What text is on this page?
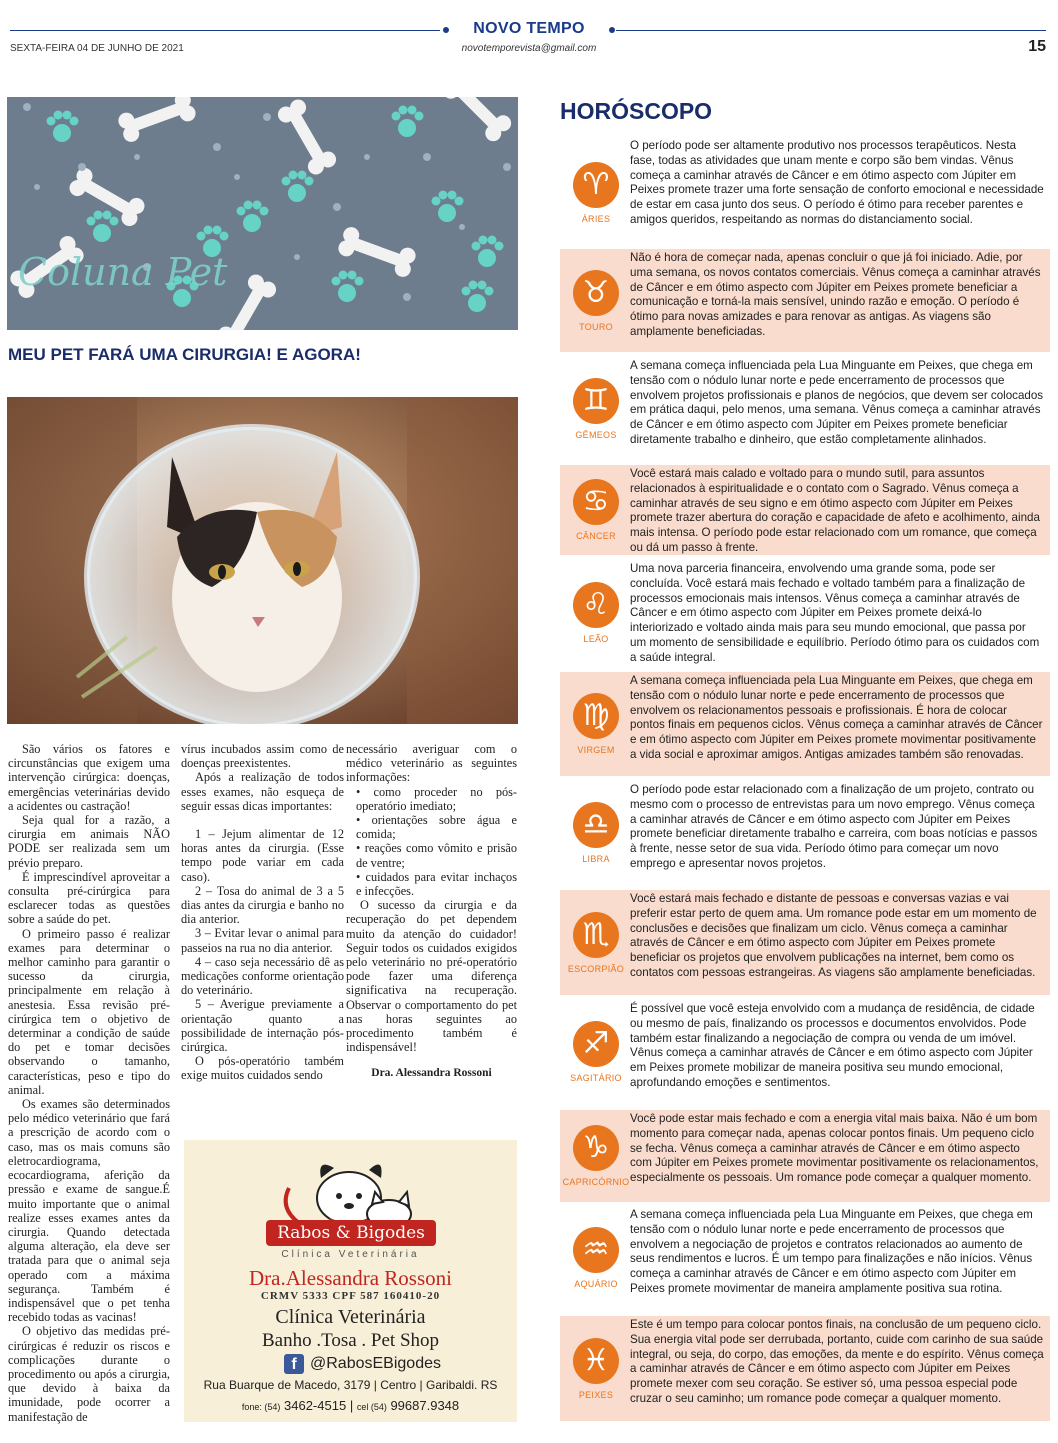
NOVO TEMPO
SEXTA-FEIRA 04 DE JUNHO DE 2021	novotemporevista@gmail.com	15
Coluna Pet
MEU PET FARÁ UMA CIRURGIA! E AGORA!

São vários os fatores e circunstâncias que exigem uma intervenção cirúrgica: doenças, emergências veterinárias devido a acidentes ou castração!

Seja qual for a razão, a cirurgia em animais NÃO PODE ser realizada sem um prévio preparo.

É imprescindível aproveitar a consulta pré-cirúrgica para esclarecer todas as questões sobre a saúde do pet.

O primeiro passo é realizar exames para determinar o melhor caminho para garantir o sucesso da cirurgia, principalmente em relação à anestesia. Essa revisão pré-cirúrgica tem o objetivo de determinar a condição de saúde do pet e tomar decisões observando o tamanho, características, peso e tipo do animal.

Os exames são determinados pelo médico veterinário que fará a prescrição de acordo com o caso, mas os mais comuns são eletrocardiograma, ecocardiograma, aferição da pressão e exame de sangue.É muito importante que o animal realize esses exames antes da cirurgia. Quando detectada alguma alteração, ela deve ser tratada para que o animal seja operado com a máxima segurança. Também é indispensável que o pet tenha recebido todas as vacinas!

O objetivo das medidas pré-cirúrgicas é reduzir os riscos e complicações durante o procedimento ou após a cirurgia, que devido à baixa da imunidade, pode ocorrer a manifestação de

vírus incubados assim como de doenças preexistentes.

Após a realização de todos esses exames, não esqueça de seguir essas dicas importantes:

1 – Jejum alimentar de 12 horas antes da cirurgia. (Esse tempo pode variar em cada caso).

2 – Tosa do animal de 3 a 5 dias antes da cirurgia e banho no dia anterior.

3 – Evitar levar o animal para passeios na rua no dia anterior.

4 – caso seja necessário dê as medicações conforme orientação do veterinário.

5 – Averigue previamente a orientação quanto a possibilidade de internação pós-cirúrgica.

O pós-operatório também exige muitos cuidados sendo

necessário averiguar com o médico veterinário as seguintes informações:

• como proceder no pós-operatório imediato;

• orientações sobre água e comida;

• reações como vômito e prisão de ventre;

• cuidados para evitar inchaços e infecções.

O sucesso da cirurgia e da recuperação do pet dependem muito da atenção do cuidador! Seguir todos os cuidados exigidos pelo veterinário no pré-operatório pode fazer uma diferença significativa na recuperação. Observar o comportamento do pet nas horas seguintes ao procedimento também é indispensável!

Dra. Alessandra Rossoni

Rabos & Bigodes
Clínica Veterinária
Dra.Alessandra Rossoni
CRMV 5333 CPF 587 160410-20
Clínica Veterinária
Banho .Tosa . Pet Shop
f @RabosEBigodes
Rua Buarque de Macedo, 3179 | Centro | Garibaldi. RS
fone: (54) 3462-4515 | cel (54) 99687.9348
HORÓSCOPO
♈
ÁRIES
O período pode ser altamente produtivo nos processos terapêuticos. Nesta fase, todas as atividades que unam mente e corpo são bem vindas. Vênus começa a caminhar através de Câncer e em ótimo aspecto com Júpiter em Peixes promete trazer uma forte sensação de conforto emocional e necessidade de estar em casa junto dos seus. O período é ótimo para receber parentes e amigos queridos, respeitando as normas do distanciamento social.
♉
TOURO
Não é hora de começar nada, apenas concluir o que já foi iniciado. Adie, por uma semana, os novos contatos comerciais. Vênus começa a caminhar através de Câncer e em ótimo aspecto com Júpiter em Peixes promete beneficiar a comunicação e torná-la mais sensível, unindo razão e emoção. O período é ótimo para novas amizades e para renovar as antigas. As viagens são amplamente beneficiadas.
♊
GÊMEOS
A semana começa influenciada pela Lua Minguante em Peixes, que chega em tensão com o nódulo lunar norte e pede encerramento de processos que envolvem projetos profissionais e planos de negócios, que devem ser colocados em prática daqui, pelo menos, uma semana. Vênus começa a caminhar através de Câncer e em ótimo aspecto com Júpiter em Peixes promete beneficiar diretamente trabalho e dinheiro, que estão completamente alinhados.
♋
CÂNCER
Você estará mais calado e voltado para o mundo sutil, para assuntos relacionados à espiritualidade e o contato com o Sagrado. Vênus começa a caminhar através de seu signo e em ótimo aspecto com Júpiter em Peixes promete trazer abertura do coração e capacidade de afeto e acolhimento, ainda mais intensa. O período pode estar relacionado com um romance, que começa ou dá um passo à frente.
♌
LEÃO
Uma nova parceria financeira, envolvendo uma grande soma, pode ser concluída. Você estará mais fechado e voltado também para a finalização de processos emocionais mais intensos. Vênus começa a caminhar através de Câncer e em ótimo aspecto com Júpiter em Peixes promete deixá-lo interiorizado e voltado ainda mais para seu mundo emocional, que passa por um momento de sensibilidade e equilíbrio. Período ótimo para os cuidados com a saúde integral.
♍
VIRGEM
A semana começa influenciada pela Lua Minguante em Peixes, que chega em tensão com o nódulo lunar norte e pede encerramento de processos que envolvem os relacionamentos pessoais e profissionais. É hora de colocar pontos finais em pequenos ciclos. Vênus começa a caminhar através de Câncer e em ótimo aspecto com Júpiter em Peixes promete movimentar positivamente a vida social e aproximar amigos. Antigas amizades também são renovadas.
♎
LIBRA
O período pode estar relacionado com a finalização de um projeto, contrato ou mesmo com o processo de entrevistas para um novo emprego. Vênus começa a caminhar através de Câncer e em ótimo aspecto com Júpiter em Peixes promete beneficiar diretamente trabalho e carreira, com boas notícias e passos à frente, nesse setor de sua vida. Período ótimo para começar um novo emprego e apresentar novos projetos.
♏
ESCORPIÃO
Você estará mais fechado e distante de pessoas e conversas vazias e vai preferir estar perto de quem ama. Um romance pode estar em um momento de conclusões e decisões que finalizam um ciclo. Vênus começa a caminhar através de Câncer e em ótimo aspecto com Júpiter em Peixes promete beneficiar os projetos que envolvem publicações na internet, bem como os contatos com pessoas estrangeiras. As viagens são amplamente beneficiadas.
♐
SAGITÁRIO
É possível que você esteja envolvido com a mudança de residência, de cidade ou mesmo de país, finalizando os processos e documentos envolvidos. Pode também estar finalizando a negociação de compra ou venda de um imóvel. Vênus começa a caminhar através de Câncer e em ótimo aspecto com Júpiter em Peixes promete mobilizar de maneira positiva seu mundo emocional, aprofundando emoções e sentimentos.
♑
CAPRICÓRNIO
Você pode estar mais fechado e com a energia vital mais baixa. Não é um bom momento para começar nada, apenas colocar pontos finais. Um pequeno ciclo se fecha. Vênus começa a caminhar através de Câncer e em ótimo aspecto com Júpiter em Peixes promete movimentar positivamente os relacionamentos, especialmente os pessoais. Um romance pode começar a qualquer momento.
♒
AQUÁRIO
A semana começa influenciada pela Lua Minguante em Peixes, que chega em tensão com o nódulo lunar norte e pede encerramento de processos que envolvem a negociação de projetos e contratos relacionados ao aumento de seus rendimentos e lucros. É um tempo para finalizações e não inícios. Vênus começa a caminhar através de Câncer e em ótimo aspecto com Júpiter em Peixes promete movimentar de maneira amplamente positiva sua rotina.
♓
PEIXES
Este é um tempo para colocar pontos finais, na conclusão de um pequeno ciclo. Sua energia vital pode ser derrubada, portanto, cuide com carinho de sua saúde integral, ou seja, do corpo, das emoções, da mente e do espírito. Vênus começa a caminhar através de Câncer e em ótimo aspecto com Júpiter em Peixes promete mexer com seu coração. Se estiver só, uma pessoa especial pode cruzar o seu caminho; um romance pode começar a qualquer momento.
